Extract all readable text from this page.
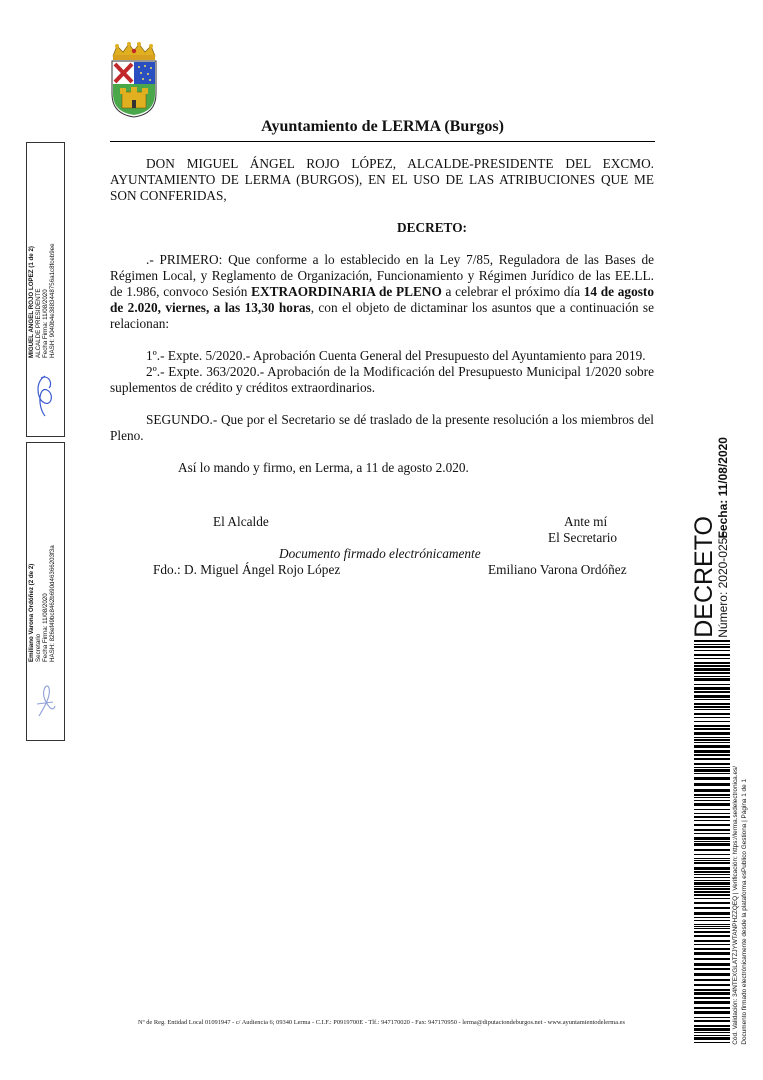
Ayuntamiento de LERMA (Burgos)

DON MIGUEL ÁNGEL ROJO LÓPEZ, ALCALDE-PRESIDENTE DEL EXCMO. AYUNTAMIENTO DE LERMA (BURGOS), EN EL USO DE LAS ATRIBUCIONES QUE ME SON CONFERIDAS,

DECRETO:

.- PRIMERO: Que conforme a lo establecido en la Ley 7/85, Reguladora de las Bases de Régimen Local, y Reglamento de Organización, Funcionamiento y Régimen Jurídico de las EE.LL. de 1.986, convoco Sesión EXTRAORDINARIA de PLENO a celebrar el próximo día 14 de agosto de 2.020, viernes, a las 13,30 horas, con el objeto de dictaminar los asuntos que a continuación se relacionan:

1º.- Expte. 5/2020.- Aprobación Cuenta General del Presupuesto del Ayuntamiento para 2019.

2º.- Expte. 363/2020.- Aprobación de la Modificación del Presupuesto Municipal 1/2020 sobre suplementos de crédito y créditos extraordinarios.

SEGUNDO.- Que por el Secretario se dé traslado de la presente resolución a los miembros del Pleno.

Así lo mando y firmo, en Lerma, a 11 de agosto 2.020.

El Alcalde	Ante mí
El Secretario
Documento firmado electrónicamente
Fdo.: D. Miguel Ángel Rojo López	Emiliano Varona Ordóñez
MIGUEL ANGEL ROJO LOPEZ (1 de 2)
ALCALDE PRESIDENTE
Fecha Firma: 11/08/2020
HASH: 9040b4e3883448756a1c8fceb9ee
Emiliano Varona Ordóñez (2 de 2)
Secretario
Fecha Firma: 11/08/2020
HASH: 826ef49bc8462b690d46366203f3a	DECRETO
Número: 2020-0255
Fecha: 11/08/2020
Cód. Validación: 34NTEXGLATZJYWTANPHZZQEQ | Verificación: https://lerma.sedelectronica.es/ Documento firmado electrónicamente desde la plataforma esPublico Gestiona | Página 1 de 1
Nº de Reg. Entidad Local 01091947 - c/ Audiencia 6; 09340 Lerma - C.I.F.: P0919700E - Tlf.: 947170020 - Fax: 947170950 - lerma@diputaciondeburgos.net - www.ayuntamientodelerma.es
